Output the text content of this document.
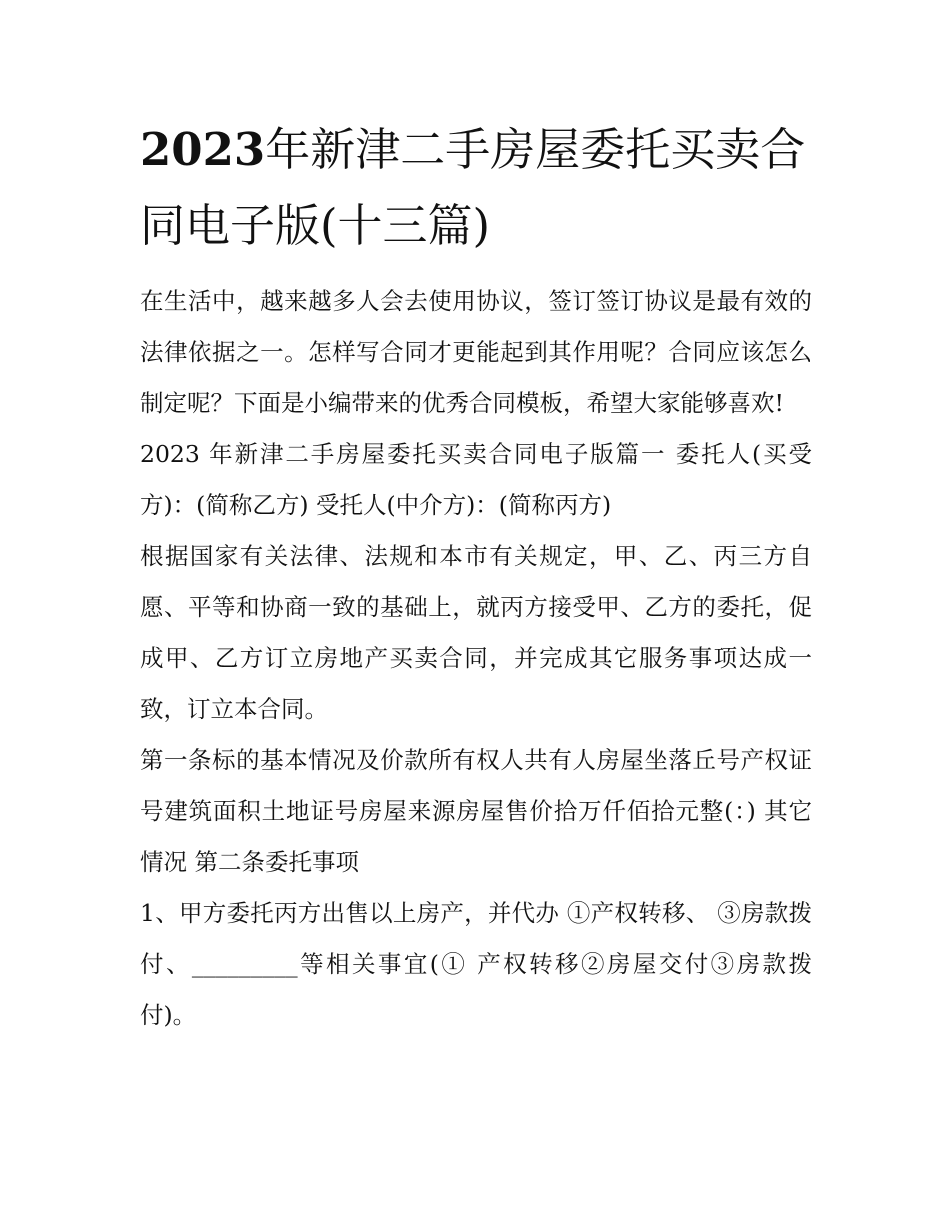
2023年新津二手房屋委托买卖合同电子版(十三篇)

在生活中，越来越多人会去使用协议，签订签订协议是最有效的法律依据之一。怎样写合同才更能起到其作用呢？合同应该怎么制定呢？下面是小编带来的优秀合同模板，希望大家能够喜欢!

2023 年新津二手房屋委托买卖合同电子版篇一 委托人(买受方)：(简称乙方) 受托人(中介方)：(简称丙方)

根据国家有关法律、法规和本市有关规定，甲、乙、丙三方自愿、平等和协商一致的基础上，就丙方接受甲、乙方的委托，促成甲、乙方订立房地产买卖合同，并完成其它服务事项达成一致，订立本合同。

第一条标的基本情况及价款所有权人共有人房屋坐落丘号产权证号建筑面积土地证号房屋来源房屋售价拾万仟佰拾元整(：) 其它情况 第二条委托事项

1、甲方委托丙方出售以上房产，并代办 ①产权转移、 ③房款拨付、_________等相关事宜(① 产权转移②房屋交付③房款拨付)。
